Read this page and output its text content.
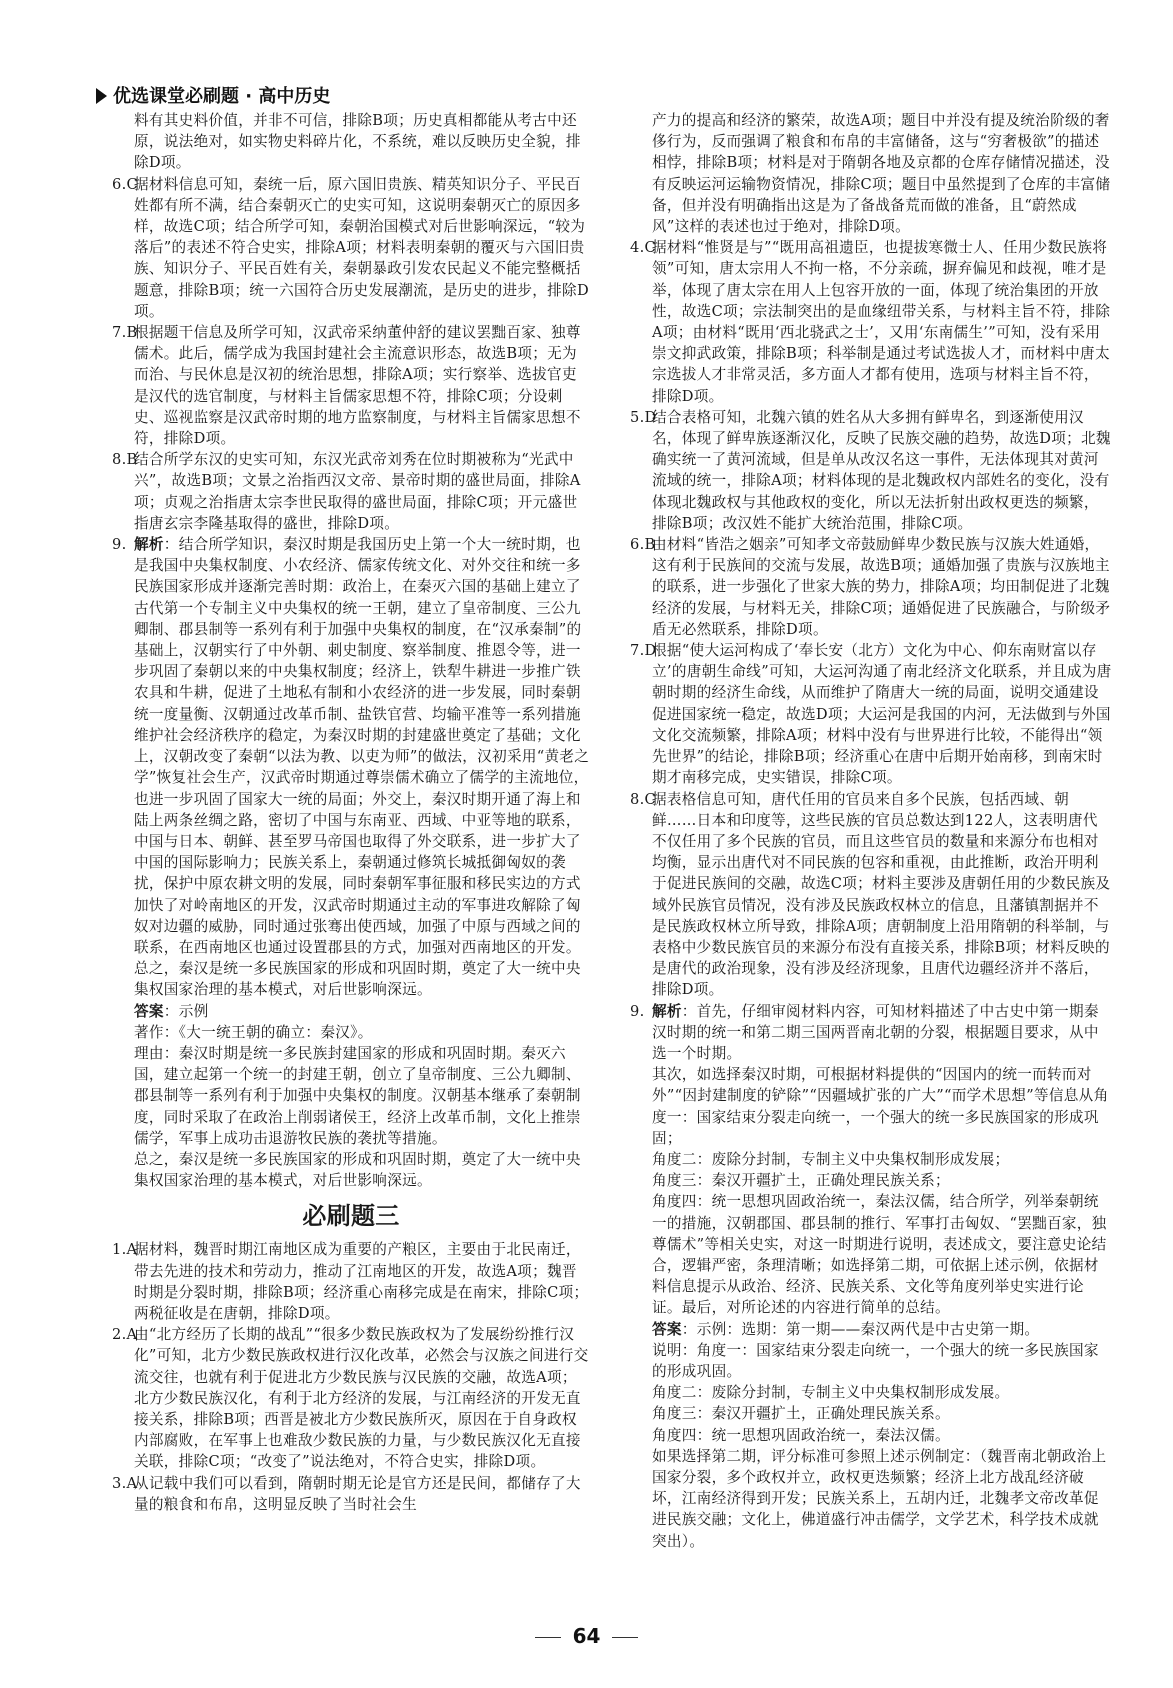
优选课堂必刷题 · 高中历史

料有其史料价值，并非不可信，排除B项；历史真相都能从考古中还原，说法绝对，如实物史料碎片化，不系统，难以反映历史全貌，排除D项。

6.C
据材料信息可知，秦统一后，原六国旧贵族、精英知识分子、平民百姓都有所不满，结合秦朝灭亡的史实可知，这说明秦朝灭亡的原因多样，故选C项；结合所学可知，秦朝治国模式对后世影响深远，“较为落后”的表述不符合史实，排除A项；材料表明秦朝的覆灭与六国旧贵族、知识分子、平民百姓有关，秦朝暴政引发农民起义不能完整概括题意，排除B项；统一六国符合历史发展潮流，是历史的进步，排除D项。

7.B
根据题干信息及所学可知，汉武帝采纳董仲舒的建议罢黜百家、独尊儒术。此后，儒学成为我国封建社会主流意识形态，故选B项；无为而治、与民休息是汉初的统治思想，排除A项；实行察举、选拔官吏是汉代的选官制度，与材料主旨儒家思想不符，排除C项；分设刺史、巡视监察是汉武帝时期的地方监察制度，与材料主旨儒家思想不符，排除D项。

8.B
结合所学东汉的史实可知，东汉光武帝刘秀在位时期被称为“光武中兴”，故选B项；文景之治指西汉文帝、景帝时期的盛世局面，排除A项；贞观之治指唐太宗李世民取得的盛世局面，排除C项；开元盛世指唐玄宗李隆基取得的盛世，排除D项。

9. 解析：结合所学知识，秦汉时期是我国历史上第一个大一统时期，也是我国中央集权制度、小农经济、儒家传统文化、对外交往和统一多民族国家形成并逐渐完善时期：政治上，在秦灭六国的基础上建立了古代第一个专制主义中央集权的统一王朝，建立了皇帝制度、三公九卿制、郡县制等一系列有利于加强中央集权的制度，在“汉承秦制”的基础上，汉朝实行了中外朝、刺史制度、察举制度、推恩令等，进一步巩固了秦朝以来的中央集权制度；经济上，铁犁牛耕进一步推广铁农具和牛耕，促进了土地私有制和小农经济的进一步发展，同时秦朝统一度量衡、汉朝通过改革币制、盐铁官营、均输平准等一系列措施维护社会经济秩序的稳定，为秦汉时期的封建盛世奠定了基础；文化上，汉朝改变了秦朝“以法为教、以吏为师”的做法，汉初采用“黄老之学”恢复社会生产，汉武帝时期通过尊崇儒术确立了儒学的主流地位，也进一步巩固了国家大一统的局面；外交上，秦汉时期开通了海上和陆上两条丝绸之路，密切了中国与东南亚、西域、中亚等地的联系，中国与日本、朝鲜、甚至罗马帝国也取得了外交联系，进一步扩大了中国的国际影响力；民族关系上，秦朝通过修筑长城抵御匈奴的袭扰，保护中原农耕文明的发展，同时秦朝军事征服和移民实边的方式加快了对岭南地区的开发，汉武帝时期通过主动的军事进攻解除了匈奴对边疆的威胁，同时通过张骞出使西域，加强了中原与西域之间的联系，在西南地区也通过设置郡县的方式，加强对西南地区的开发。总之，秦汉是统一多民族国家的形成和巩固时期，奠定了大一统中央集权国家治理的基本模式，对后世影响深远。

答案：示例

著作：《大一统王朝的确立：秦汉》。

理由：秦汉时期是统一多民族封建国家的形成和巩固时期。秦灭六国，建立起第一个统一的封建王朝，创立了皇帝制度、三公九卿制、郡县制等一系列有利于加强中央集权的制度。汉朝基本继承了秦朝制度，同时采取了在政治上削弱诸侯王，经济上改革币制，文化上推崇儒学，军事上成功击退游牧民族的袭扰等措施。

总之，秦汉是统一多民族国家的形成和巩固时期，奠定了大一统中央集权国家治理的基本模式，对后世影响深远。

必刷题三

1.A
据材料，魏晋时期江南地区成为重要的产粮区，主要由于北民南迁，带去先进的技术和劳动力，推动了江南地区的开发，故选A项；魏晋时期是分裂时期，排除B项；经济重心南移完成是在南宋，排除C项；两税征收是在唐朝，排除D项。

2.A
由“北方经历了长期的战乱”“很多少数民族政权为了发展纷纷推行汉化”可知，北方少数民族政权进行汉化改革，必然会与汉族之间进行交流交往，也就有利于促进北方少数民族与汉民族的交融，故选A项；北方少数民族汉化，有利于北方经济的发展，与江南经济的开发无直接关系，排除B项；西晋是被北方少数民族所灭，原因在于自身政权内部腐败，在军事上也难敌少数民族的力量，与少数民族汉化无直接关联，排除C项；“改变了”说法绝对，不符合史实，排除D项。

3.A
从记载中我们可以看到，隋朝时期无论是官方还是民间，都储存了大量的粮食和布帛，这明显反映了当时社会生

产力的提高和经济的繁荣，故选A项；题目中并没有提及统治阶级的奢侈行为，反而强调了粮食和布帛的丰富储备，这与“穷奢极欲”的描述相悖，排除B项；材料是对于隋朝各地及京都的仓库存储情况描述，没有反映运河运输物资情况，排除C项；题目中虽然提到了仓库的丰富储备，但并没有明确指出这是为了备战备荒而做的准备，且“蔚然成风”这样的表述也过于绝对，排除D项。

4.C
据材料“惟贤是与”“既用高祖遗臣，也提拔寒微士人、任用少数民族将领”可知，唐太宗用人不拘一格，不分亲疏，摒弃偏见和歧视，唯才是举，体现了唐太宗在用人上包容开放的一面，体现了统治集团的开放性，故选C项；宗法制突出的是血缘纽带关系，与材料主旨不符，排除A项；由材料“既用‘西北骁武之士’，又用‘东南儒生’”可知，没有采用崇文抑武政策，排除B项；科举制是通过考试选拔人才，而材料中唐太宗选拔人才非常灵活，多方面人才都有使用，选项与材料主旨不符，排除D项。

5.D
结合表格可知，北魏六镇的姓名从大多拥有鲜卑名，到逐渐使用汉名，体现了鲜卑族逐渐汉化，反映了民族交融的趋势，故选D项；北魏确实统一了黄河流域，但是单从改汉名这一事件，无法体现其对黄河流域的统一，排除A项；材料体现的是北魏政权内部姓名的变化，没有体现北魏政权与其他政权的变化，所以无法折射出政权更迭的频繁，排除B项；改汉姓不能扩大统治范围，排除C项。

6.B
由材料“皆浩之姻亲”可知孝文帝鼓励鲜卑少数民族与汉族大姓通婚，这有利于民族间的交流与发展，故选B项；通婚加强了贵族与汉族地主的联系，进一步强化了世家大族的势力，排除A项；均田制促进了北魏经济的发展，与材料无关，排除C项；通婚促进了民族融合，与阶级矛盾无必然联系，排除D项。

7.D
根据“使大运河构成了‘奉长安（北方）文化为中心、仰东南财富以存立’的唐朝生命线”可知，大运河沟通了南北经济文化联系，并且成为唐朝时期的经济生命线，从而维护了隋唐大一统的局面，说明交通建设促进国家统一稳定，故选D项；大运河是我国的内河，无法做到与外国文化交流频繁，排除A项；材料中没有与世界进行比较，不能得出“领先世界”的结论，排除B项；经济重心在唐中后期开始南移，到南宋时期才南移完成，史实错误，排除C项。

8.C
据表格信息可知，唐代任用的官员来自多个民族，包括西域、朝鲜……日本和印度等，这些民族的官员总数达到122人，这表明唐代不仅任用了多个民族的官员，而且这些官员的数量和来源分布也相对均衡，显示出唐代对不同民族的包容和重视，由此推断，政治开明利于促进民族间的交融，故选C项；材料主要涉及唐朝任用的少数民族及域外民族官员情况，没有涉及民族政权林立的信息，且藩镇割据并不是民族政权林立所导致，排除A项；唐朝制度上沿用隋朝的科举制，与表格中少数民族官员的来源分布没有直接关系，排除B项；材料反映的是唐代的政治现象，没有涉及经济现象，且唐代边疆经济并不落后，排除D项。

9. 解析：首先，仔细审阅材料内容，可知材料描述了中古史中第一期秦汉时期的统一和第二期三国两晋南北朝的分裂，根据题目要求，从中选一个时期。

其次，如选择秦汉时期，可根据材料提供的“因国内的统一而转而对外”“因封建制度的铲除”“因疆域扩张的广大”“而学术思想”等信息从角度一：国家结束分裂走向统一，一个强大的统一多民族国家的形成巩固；

角度二：废除分封制，专制主义中央集权制形成发展；

角度三：秦汉开疆扩土，正确处理民族关系；

角度四：统一思想巩固政治统一，秦法汉儒，结合所学，列举秦朝统一的措施，汉朝郡国、郡县制的推行、军事打击匈奴、“罢黜百家，独尊儒术”等相关史实，对这一时期进行说明，表述成文，要注意史论结合，逻辑严密，条理清晰；如选择第二期，可依据上述示例，依据材料信息提示从政治、经济、民族关系、文化等角度列举史实进行论证。最后，对所论述的内容进行简单的总结。

答案：示例：选期：第一期——秦汉两代是中古史第一期。

说明：角度一：国家结束分裂走向统一，一个强大的统一多民族国家的形成巩固。

角度二：废除分封制，专制主义中央集权制形成发展。

角度三：秦汉开疆扩土，正确处理民族关系。

角度四：统一思想巩固政治统一，秦法汉儒。

如果选择第二期，评分标准可参照上述示例制定：（魏晋南北朝政治上国家分裂，多个政权并立，政权更迭频繁；经济上北方战乱经济破坏，江南经济得到开发；民族关系上，五胡内迁，北魏孝文帝改革促进民族交融；文化上，佛道盛行冲击儒学，文学艺术，科学技术成就突出）。

64
